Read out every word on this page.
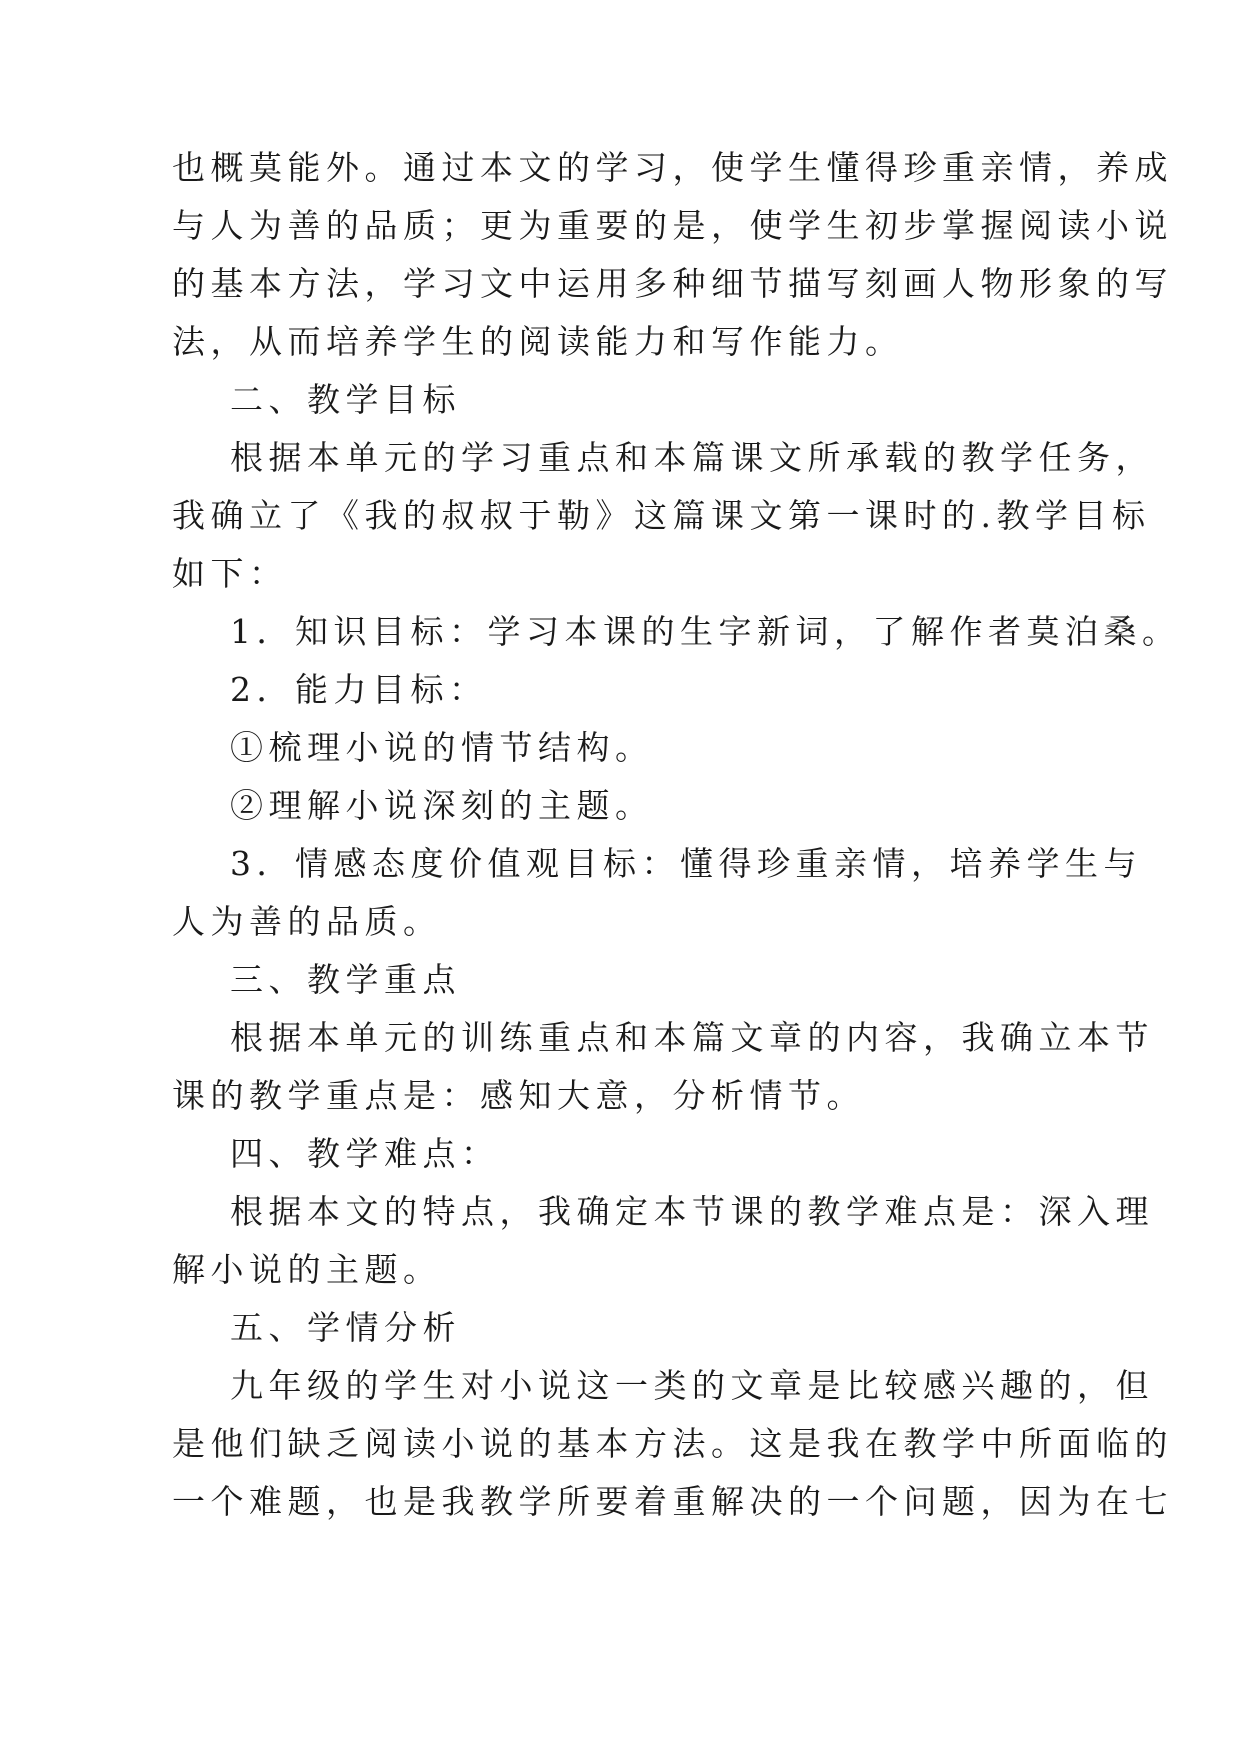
也概莫能外。通过本文的学习，使学生懂得珍重亲情，养成

与人为善的品质；更为重要的是，使学生初步掌握阅读小说

的基本方法，学习文中运用多种细节描写刻画人物形象的写

法，从而培养学生的阅读能力和写作能力。

二、教学目标

根据本单元的学习重点和本篇课文所承载的教学任务，

我确立了《我的叔叔于勒》这篇课文第一课时的.教学目标

如下：

1．知识目标：学习本课的生字新词，了解作者莫泊桑。

2．能力目标：

①梳理小说的情节结构。

②理解小说深刻的主题。

3．情感态度价值观目标：懂得珍重亲情，培养学生与

人为善的品质。

三、教学重点

根据本单元的训练重点和本篇文章的内容，我确立本节

课的教学重点是：感知大意，分析情节。

四、教学难点：

根据本文的特点，我确定本节课的教学难点是：深入理

解小说的主题。

五、学情分析

九年级的学生对小说这一类的文章是比较感兴趣的，但

是他们缺乏阅读小说的基本方法。这是我在教学中所面临的

一个难题，也是我教学所要着重解决的一个问题，因为在七
